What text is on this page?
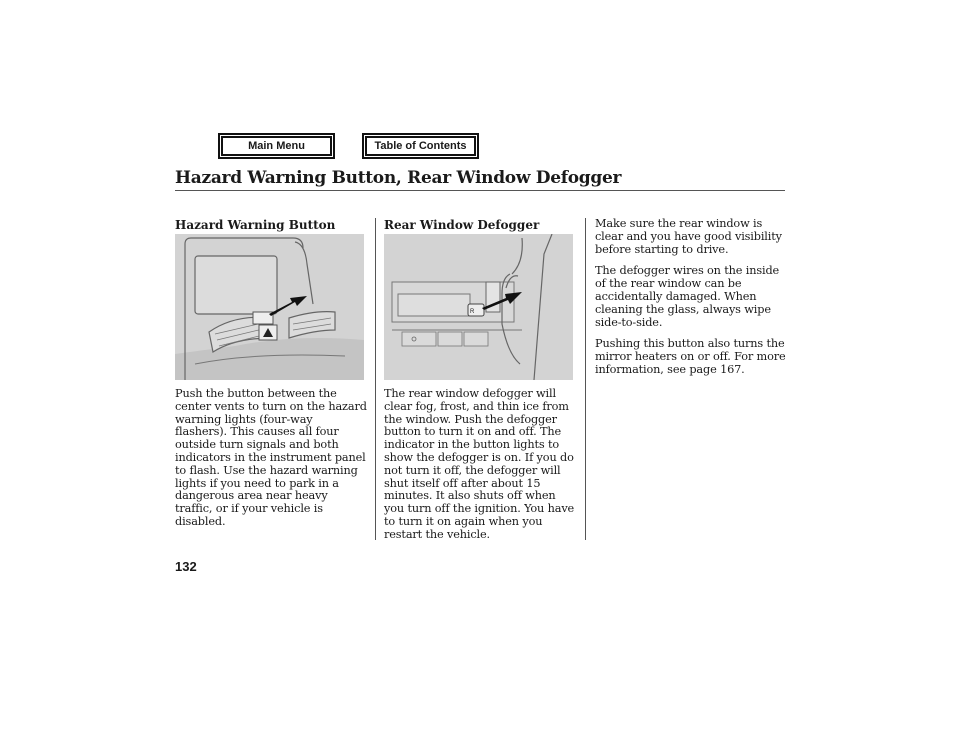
Main Menu	Table of Contents
Hazard Warning Button, Rear Window Defogger
Hazard Warning Button

Push the button between the center vents to turn on the hazard warning lights (four-way flashers). This causes all four outside turn signals and both indicators in the instrument panel to flash. Use the hazard warning lights if you need to park in a dangerous area near heavy traffic, or if your vehicle is disabled.

Rear Window Defogger
R

The rear window defogger will clear fog, frost, and thin ice from the window. Push the defogger button to turn it on and off. The indicator in the button lights to show the defogger is on. If you do not turn it off, the defogger will shut itself off after about 15 minutes. It also shuts off when you turn off the ignition. You have to turn it on again when you restart the vehicle.

Make sure the rear window is clear and you have good visibility before starting to drive.

The defogger wires on the inside of the rear window can be accidentally damaged. When cleaning the glass, always wipe side-to-side.

Pushing this button also turns the mirror heaters on or off. For more information, see page 167.

132
